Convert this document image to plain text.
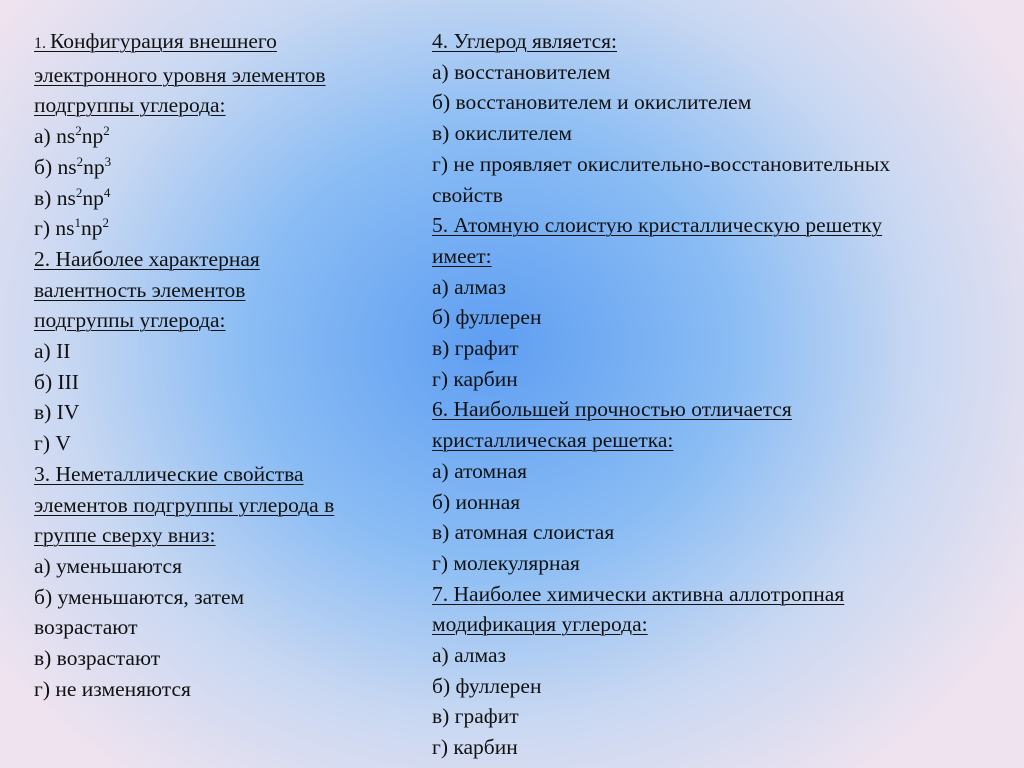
1. Конфигурация внешнего
электронного уровня элементов
подгруппы углерода:
а) $ns^2np^2$
б) $ns^2np^3$
в) $ns^2np^4$
г) $ns^1np^2$
2. Наиболее характерная
валентность элементов
подгруппы углерода:
а) II
б) III
в) IV
г) V
3. Неметаллические свойства
элементов подгруппы углерода в
группе сверху вниз:
а) уменьшаются
б) уменьшаются, затем
возрастают
в) возрастают
г) не изменяются
4. Углерод является:
а) восстановителем
б) восстановителем и окислителем
в) окислителем
г) не проявляет окислительно-восстановительных
свойств
5. Атомную слоистую кристаллическую решетку
имеет:
а) алмаз
б) фуллерен
в) графит
г) карбин
6. Наибольшей прочностью отличается
кристаллическая решетка:
а) атомная
б) ионная
в) атомная слоистая
г) молекулярная
7. Наиболее химически активна аллотропная
модификация углерода:
а) алмаз
б) фуллерен
в) графит
г) карбин
